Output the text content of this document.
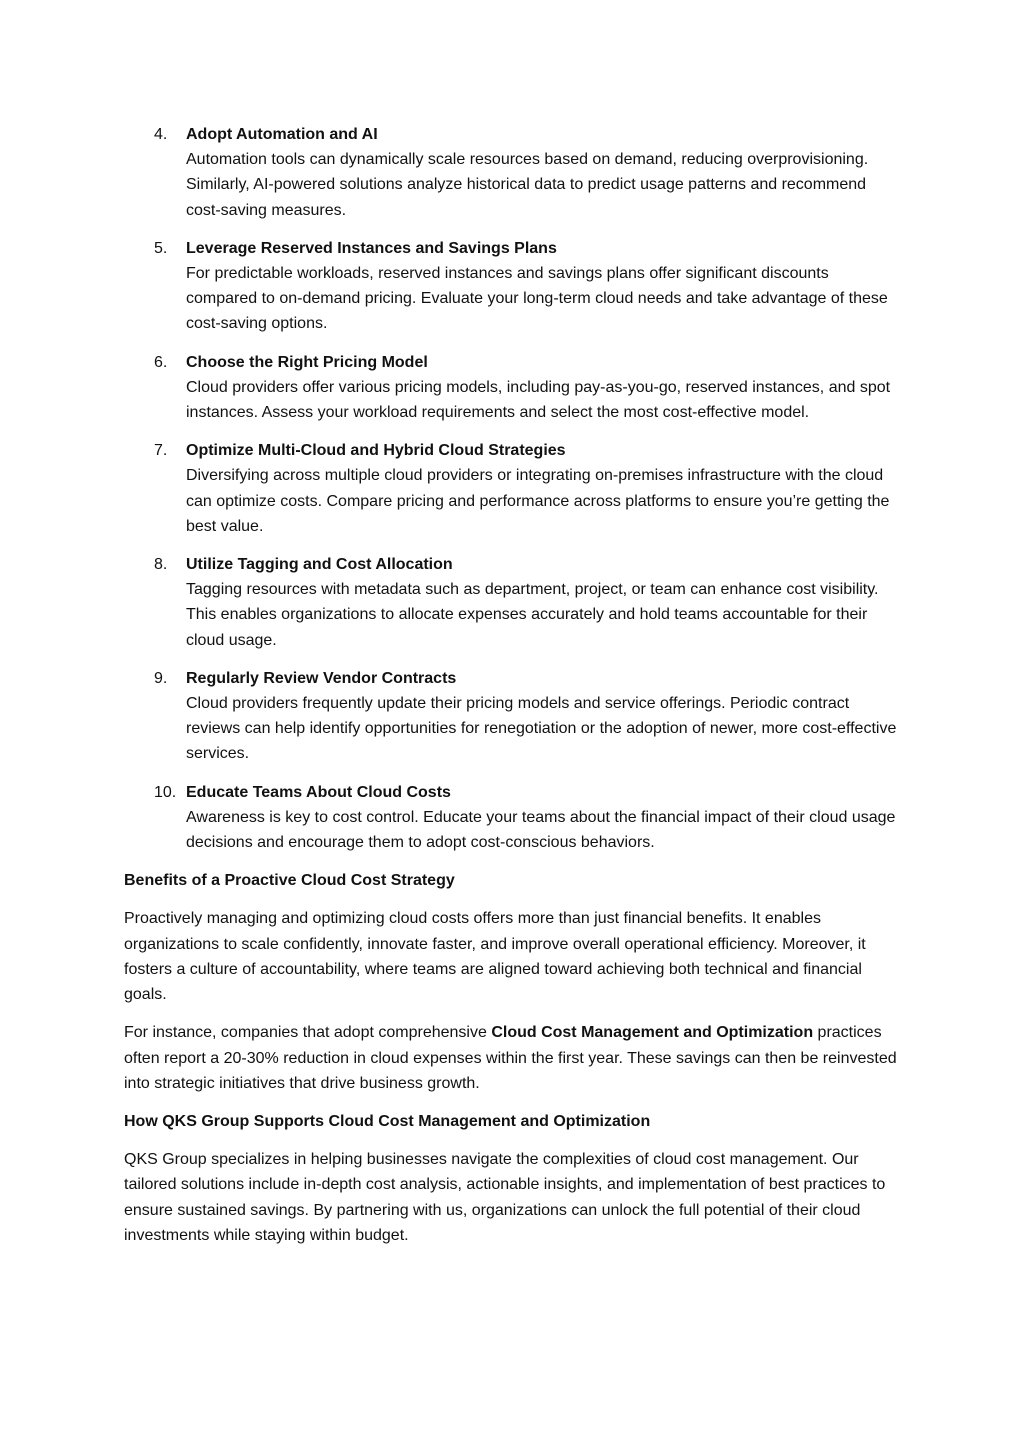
4. Adopt Automation and AI
Automation tools can dynamically scale resources based on demand, reducing overprovisioning. Similarly, AI-powered solutions analyze historical data to predict usage patterns and recommend cost-saving measures.
5. Leverage Reserved Instances and Savings Plans
For predictable workloads, reserved instances and savings plans offer significant discounts compared to on-demand pricing. Evaluate your long-term cloud needs and take advantage of these cost-saving options.
6. Choose the Right Pricing Model
Cloud providers offer various pricing models, including pay-as-you-go, reserved instances, and spot instances. Assess your workload requirements and select the most cost-effective model.
7. Optimize Multi-Cloud and Hybrid Cloud Strategies
Diversifying across multiple cloud providers or integrating on-premises infrastructure with the cloud can optimize costs. Compare pricing and performance across platforms to ensure you’re getting the best value.
8. Utilize Tagging and Cost Allocation
Tagging resources with metadata such as department, project, or team can enhance cost visibility. This enables organizations to allocate expenses accurately and hold teams accountable for their cloud usage.
9. Regularly Review Vendor Contracts
Cloud providers frequently update their pricing models and service offerings. Periodic contract reviews can help identify opportunities for renegotiation or the adoption of newer, more cost-effective services.
10. Educate Teams About Cloud Costs
Awareness is key to cost control. Educate your teams about the financial impact of their cloud usage decisions and encourage them to adopt cost-conscious behaviors.
Benefits of a Proactive Cloud Cost Strategy

Proactively managing and optimizing cloud costs offers more than just financial benefits. It enables organizations to scale confidently, innovate faster, and improve overall operational efficiency. Moreover, it fosters a culture of accountability, where teams are aligned toward achieving both technical and financial goals.

For instance, companies that adopt comprehensive Cloud Cost Management and Optimization practices often report a 20-30% reduction in cloud expenses within the first year. These savings can then be reinvested into strategic initiatives that drive business growth.

How QKS Group Supports Cloud Cost Management and Optimization

QKS Group specializes in helping businesses navigate the complexities of cloud cost management. Our tailored solutions include in-depth cost analysis, actionable insights, and implementation of best practices to ensure sustained savings. By partnering with us, organizations can unlock the full potential of their cloud investments while staying within budget.
